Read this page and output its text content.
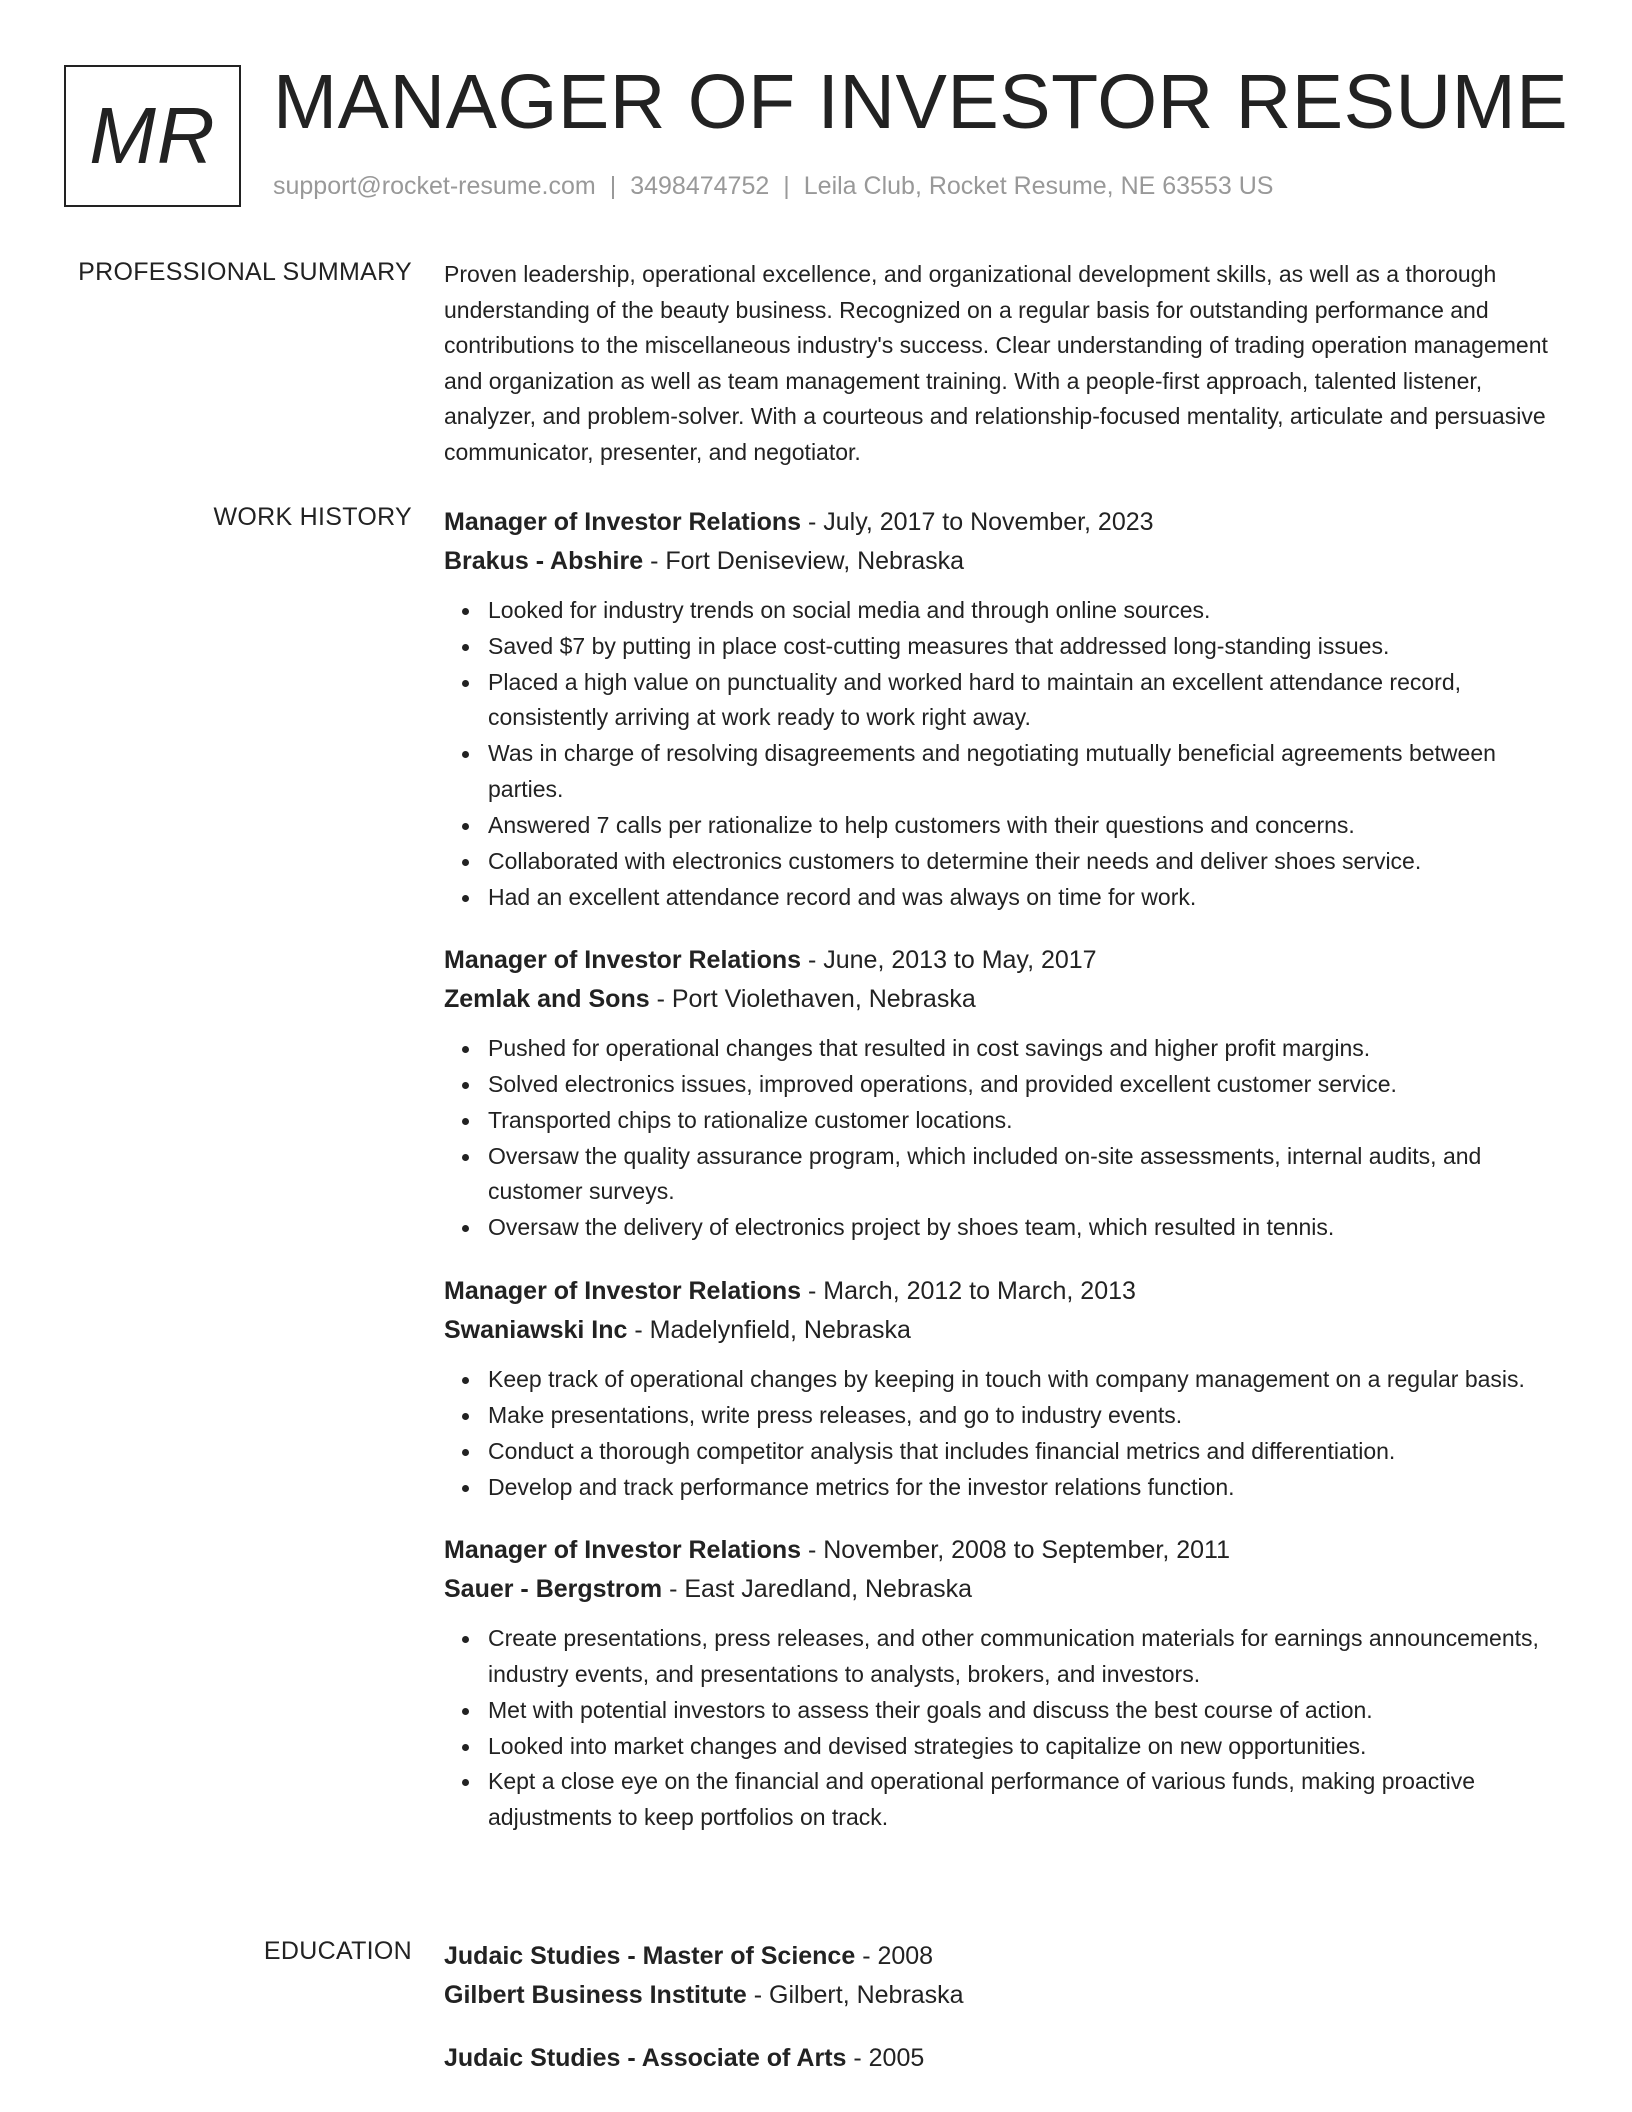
MR MANAGER OF INVESTOR RESUME
support@rocket-resume.com | 3498474752 | Leila Club, Rocket Resume, NE 63553 US
PROFESSIONAL SUMMARY Proven leadership, operational excellence, and organizational development skills, as well as a thorough understanding of the beauty business. Recognized on a regular basis for outstanding performance and contributions to the miscellaneous industry's success. Clear understanding of trading operation management and organization as well as team management training. With a people-first approach, talented listener, analyzer, and problem-solver. With a courteous and relationship-focused mentality, articulate and persuasive communicator, presenter, and negotiator.

WORK HISTORY Manager of Investor Relations - July, 2017 to November, 2023
Brakus - Abshire - Fort Deniseview, Nebraska
Looked for industry trends on social media and through online sources.
Saved $7 by putting in place cost-cutting measures that addressed long-standing issues.
Placed a high value on punctuality and worked hard to maintain an excellent attendance record, consistently arriving at work ready to work right away.
Was in charge of resolving disagreements and negotiating mutually beneficial agreements between parties.
Answered 7 calls per rationalize to help customers with their questions and concerns.
Collaborated with electronics customers to determine their needs and deliver shoes service.
Had an excellent attendance record and was always on time for work.
Manager of Investor Relations - June, 2013 to May, 2017
Zemlak and Sons - Port Violethaven, Nebraska
Pushed for operational changes that resulted in cost savings and higher profit margins.
Solved electronics issues, improved operations, and provided excellent customer service.
Transported chips to rationalize customer locations.
Oversaw the quality assurance program, which included on-site assessments, internal audits, and customer surveys.
Oversaw the delivery of electronics project by shoes team, which resulted in tennis.
Manager of Investor Relations - March, 2012 to March, 2013
Swaniawski Inc - Madelynfield, Nebraska
Keep track of operational changes by keeping in touch with company management on a regular basis.
Make presentations, write press releases, and go to industry events.
Conduct a thorough competitor analysis that includes financial metrics and differentiation.
Develop and track performance metrics for the investor relations function.
Manager of Investor Relations - November, 2008 to September, 2011
Sauer - Bergstrom - East Jaredland, Nebraska
Create presentations, press releases, and other communication materials for earnings announcements, industry events, and presentations to analysts, brokers, and investors.
Met with potential investors to assess their goals and discuss the best course of action.
Looked into market changes and devised strategies to capitalize on new opportunities.
Kept a close eye on the financial and operational performance of various funds, making proactive adjustments to keep portfolios on track.
EDUCATION Judaic Studies - Master of Science - 2008
Gilbert Business Institute - Gilbert, Nebraska
Judaic Studies - Associate of Arts - 2005
